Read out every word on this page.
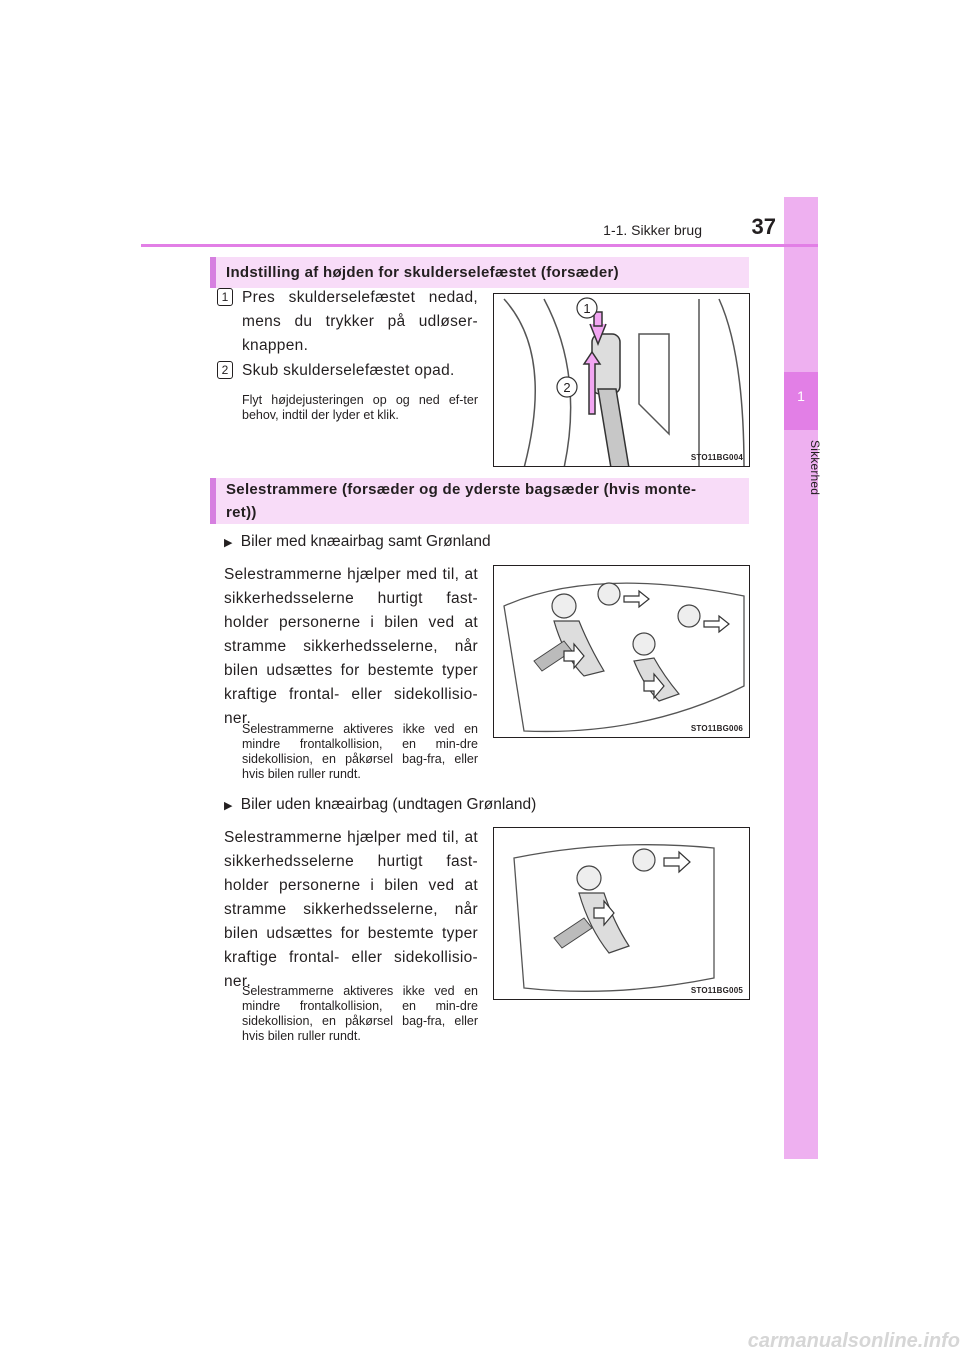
1
Sikkerhed
1-1. Sikker brug	37
Indstilling af højden for skulderselefæstet (forsæder)
1 Pres skulderselefæstet nedad, mens du trykker på udløser-knappen.
2 Skub skulderselefæstet opad.
Flyt højdejusteringen op og ned ef-ter behov, indtil der lyder et klik.
1
2
STO11BG004
Selestrammere (forsæder og de yderste bagsæder (hvis monte-
ret))
▶ Biler med knæairbag samt Grønland
Selestrammerne hjælper med til, at sikkerhedsselerne hurtigt fast-holder personerne i bilen ved at stramme sikkerhedsselerne, når bilen udsættes for bestemte typer kraftige frontal- eller sidekollisio-ner.
Selestrammerne aktiveres ikke ved en mindre frontalkollision, en min-dre sidekollision, en påkørsel bag-fra, eller hvis bilen ruller rundt.
STO11BG006
▶ Biler uden knæairbag (undtagen Grønland)
Selestrammerne hjælper med til, at sikkerhedsselerne hurtigt fast-holder personerne i bilen ved at stramme sikkerhedsselerne, når bilen udsættes for bestemte typer kraftige frontal- eller sidekollisio-ner.
Selestrammerne aktiveres ikke ved en mindre frontalkollision, en min-dre sidekollision, en påkørsel bag-fra, eller hvis bilen ruller rundt.
STO11BG005
carmanualsonline.info
